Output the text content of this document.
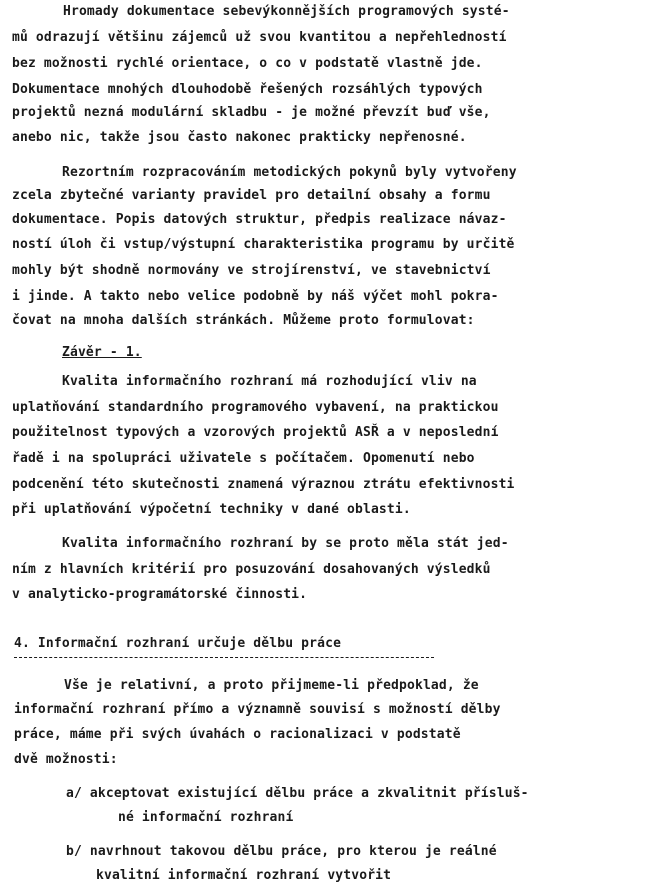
Hromady dokumentace sebevýkonnějších programových systé-
mů odrazují většinu zájemců už svou kvantitou a nepřehledností
bez možnosti rychlé orientace, o co v podstatě vlastně jde.
Dokumentace mnohých dlouhodobě řešených rozsáhlých typových
projektů nezná modulární skladbu - je možné převzít buď vše,
anebo nic, takže jsou často nakonec prakticky nepřenosné.
Rezortním rozpracováním metodických pokynů byly vytvořeny
zcela zbytečné varianty pravidel pro detailní obsahy a formu
dokumentace. Popis datových struktur, předpis realizace návaz-
ností úloh či vstup/výstupní charakteristika programu by určitě
mohly být shodně normovány ve strojírenství, ve stavebnictví
i jinde. A takto nebo velice podobně by náš výčet mohl pokra-
čovat na mnoha dalších stránkách. Můžeme proto formulovat:
Závěr - 1.
Kvalita informačního rozhraní má rozhodující vliv na
uplatňování standardního programového vybavení, na praktickou
použitelnost typových a vzorových projektů ASŘ a v neposlední
řadě i na spolupráci uživatele s počítačem. Opomenutí nebo
podcenění této skutečnosti znamená výraznou ztrátu efektivnosti
při uplatňování výpočetní techniky v dané oblasti.
Kvalita informačního rozhraní by se proto měla stát jed-
ním z hlavních kritérií pro posuzování dosahovaných výsledků
v analyticko-programátorské činnosti.
4. Informační rozhraní určuje dělbu práce
Vše je relativní, a proto přijmeme-li předpoklad, že
informační rozhraní přímo a významně souvisí s možností dělby
práce, máme při svých úvahách o racionalizaci v podstatě
dvě možnosti:
a/ akceptovat existující dělbu práce a zkvalitnit přísluš-
né informační rozhraní
b/ navrhnout takovou dělbu práce, pro kterou je reálné
kvalitní informační rozhraní vytvořit
